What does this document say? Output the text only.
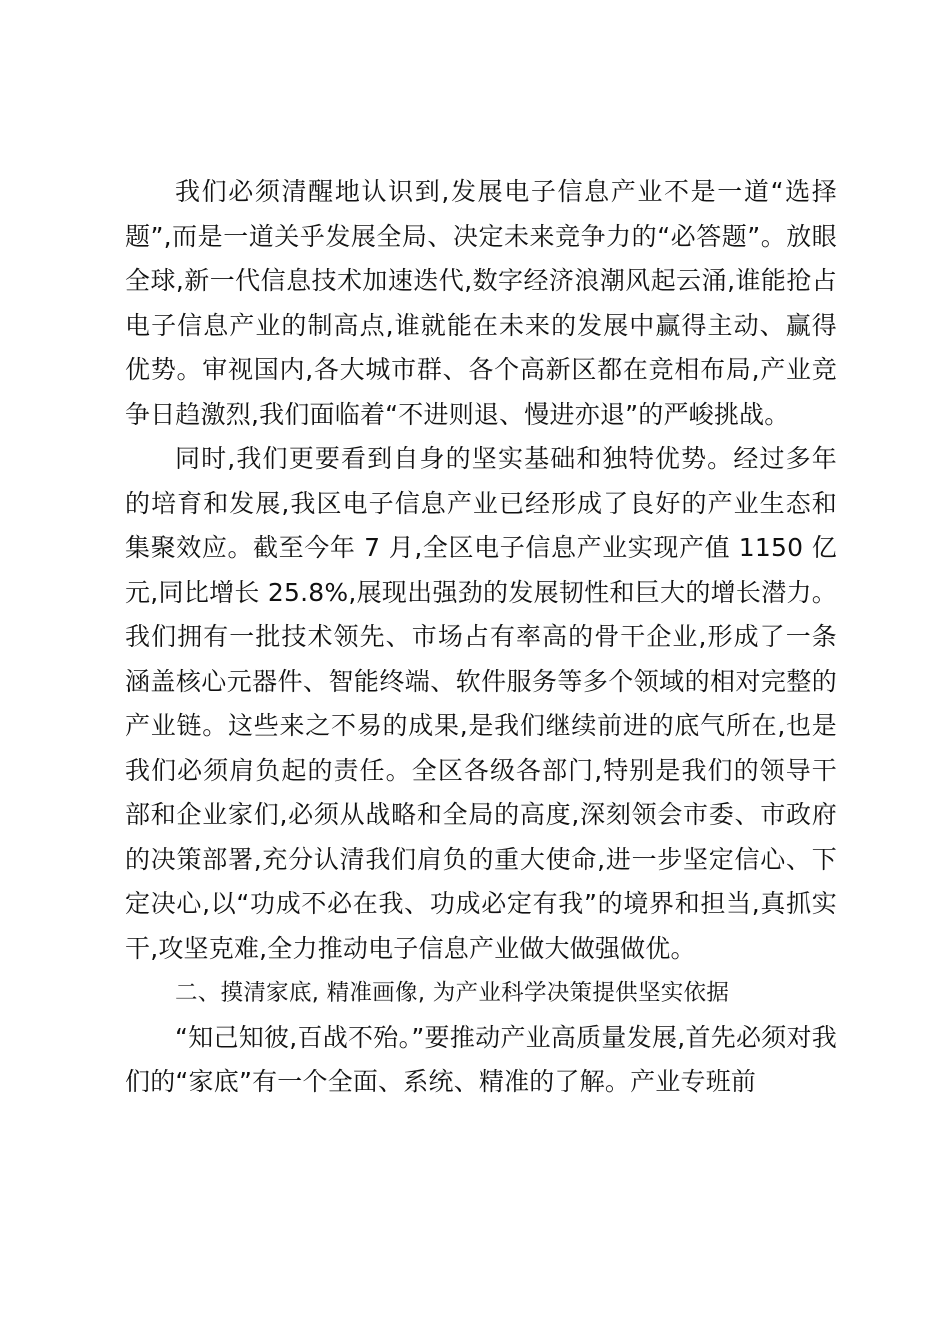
我们必须清醒地认识到,发展电子信息产业不是一道“选择题”,而是一道关乎发展全局、决定未来竞争力的“必答题”。放眼全球,新一代信息技术加速迭代,数字经济浪潮风起云涌,谁能抢占电子信息产业的制高点,谁就能在未来的发展中赢得主动、赢得优势。审视国内,各大城市群、各个高新区都在竞相布局,产业竞争日趋激烈,我们面临着“不进则退、慢进亦退”的严峻挑战。

同时,我们更要看到自身的坚实基础和独特优势。经过多年的培育和发展,我区电子信息产业已经形成了良好的产业生态和集聚效应。截至今年 7 月,全区电子信息产业实现产值 1150 亿元,同比增长 25.8%,展现出强劲的发展韧性和巨大的增长潜力。我们拥有一批技术领先、市场占有率高的骨干企业,形成了一条涵盖核心元器件、智能终端、软件服务等多个领域的相对完整的产业链。这些来之不易的成果,是我们继续前进的底气所在,也是我们必须肩负起的责任。全区各级各部门,特别是我们的领导干部和企业家们,必须从战略和全局的高度,深刻领会市委、市政府的决策部署,充分认清我们肩负的重大使命,进一步坚定信心、下定决心,以“功成不必在我、功成必定有我”的境界和担当,真抓实干,攻坚克难,全力推动电子信息产业做大做强做优。

二、摸清家底, 精准画像, 为产业科学决策提供坚实依据

“知己知彼,百战不殆。”要推动产业高质量发展,首先必须对我们的“家底”有一个全面、系统、精准的了解。产业专班前
